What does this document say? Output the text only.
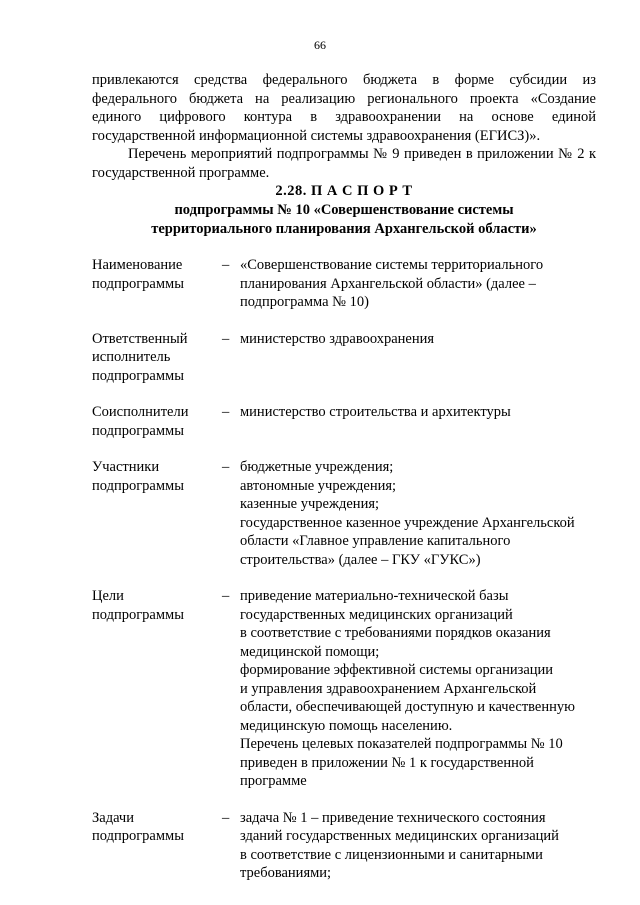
66

привлекаются средства федерального бюджета в форме субсидии из федерального бюджета на реализацию регионального проекта «Создание единого цифрового контура в здравоохранении на основе единой государственной информационной системы здравоохранения (ЕГИСЗ)».

Перечень мероприятий подпрограммы № 9 приведен в приложении № 2 к государственной программе.

2.28. П А С П О Р Т
подпрограммы № 10 «Совершенствование системы
территориального планирования Архангельской области»
Наименование
подпрограммы
– «Совершенствование системы территориального
планирования Архангельской области» (далее –
подпрограмма № 10)
Ответственный
исполнитель
подпрограммы
– министерство здравоохранения
Соисполнители
подпрограммы
– министерство строительства и архитектуры
Участники
подпрограммы
– бюджетные учреждения;
автономные учреждения;
казенные учреждения;
государственное казенное учреждение Архангельской
области «Главное управление капитального
строительства» (далее – ГКУ «ГУКС»)
Цели
подпрограммы
– приведение материально-технической базы
государственных медицинских организаций
в соответствие с требованиями порядков оказания
медицинской помощи;
формирование эффективной системы организации
и управления здравоохранением Архангельской
области, обеспечивающей доступную и качественную
медицинскую помощь населению.
Перечень целевых показателей подпрограммы № 10
приведен в приложении № 1 к государственной
программе
Задачи
подпрограммы
– задача № 1 – приведение технического состояния
зданий государственных медицинских организаций
в соответствие с лицензионными и санитарными
требованиями;
